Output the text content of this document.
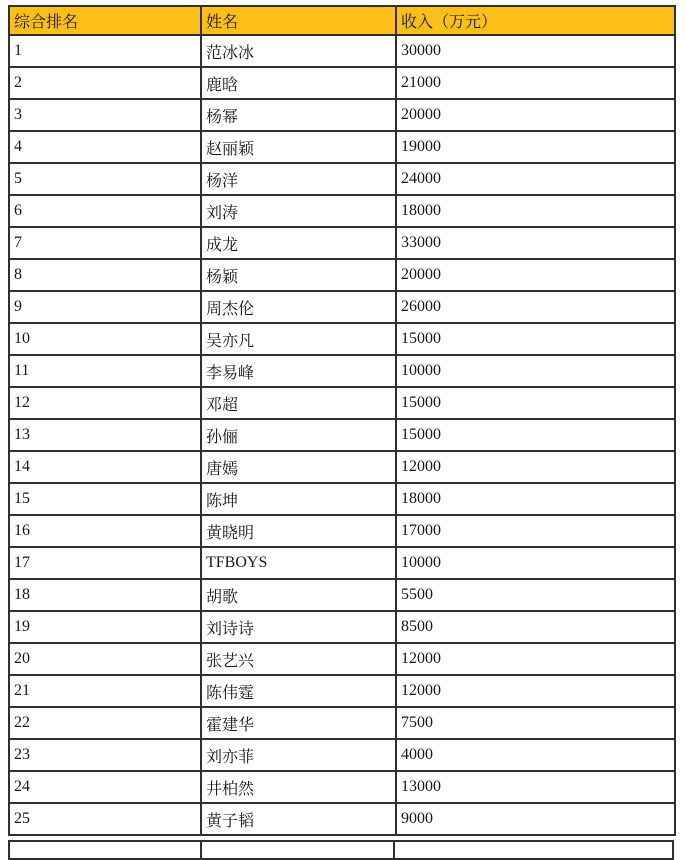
综合排名	姓名	收入（万元）
1	范冰冰	30000
2	鹿晗	21000
3	杨幂	20000
4	赵丽颖	19000
5	杨洋	24000
6	刘涛	18000
7	成龙	33000
8	杨颖	20000
9	周杰伦	26000
10	吴亦凡	15000
11	李易峰	10000
12	邓超	15000
13	孙俪	15000
14	唐嫣	12000
15	陈坤	18000
16	黄晓明	17000
17	TFBOYS	10000
18	胡歌	5500
19	刘诗诗	8500
20	张艺兴	12000
21	陈伟霆	12000
22	霍建华	7500
23	刘亦菲	4000
24	井柏然	13000
25	黄子韬	9000
